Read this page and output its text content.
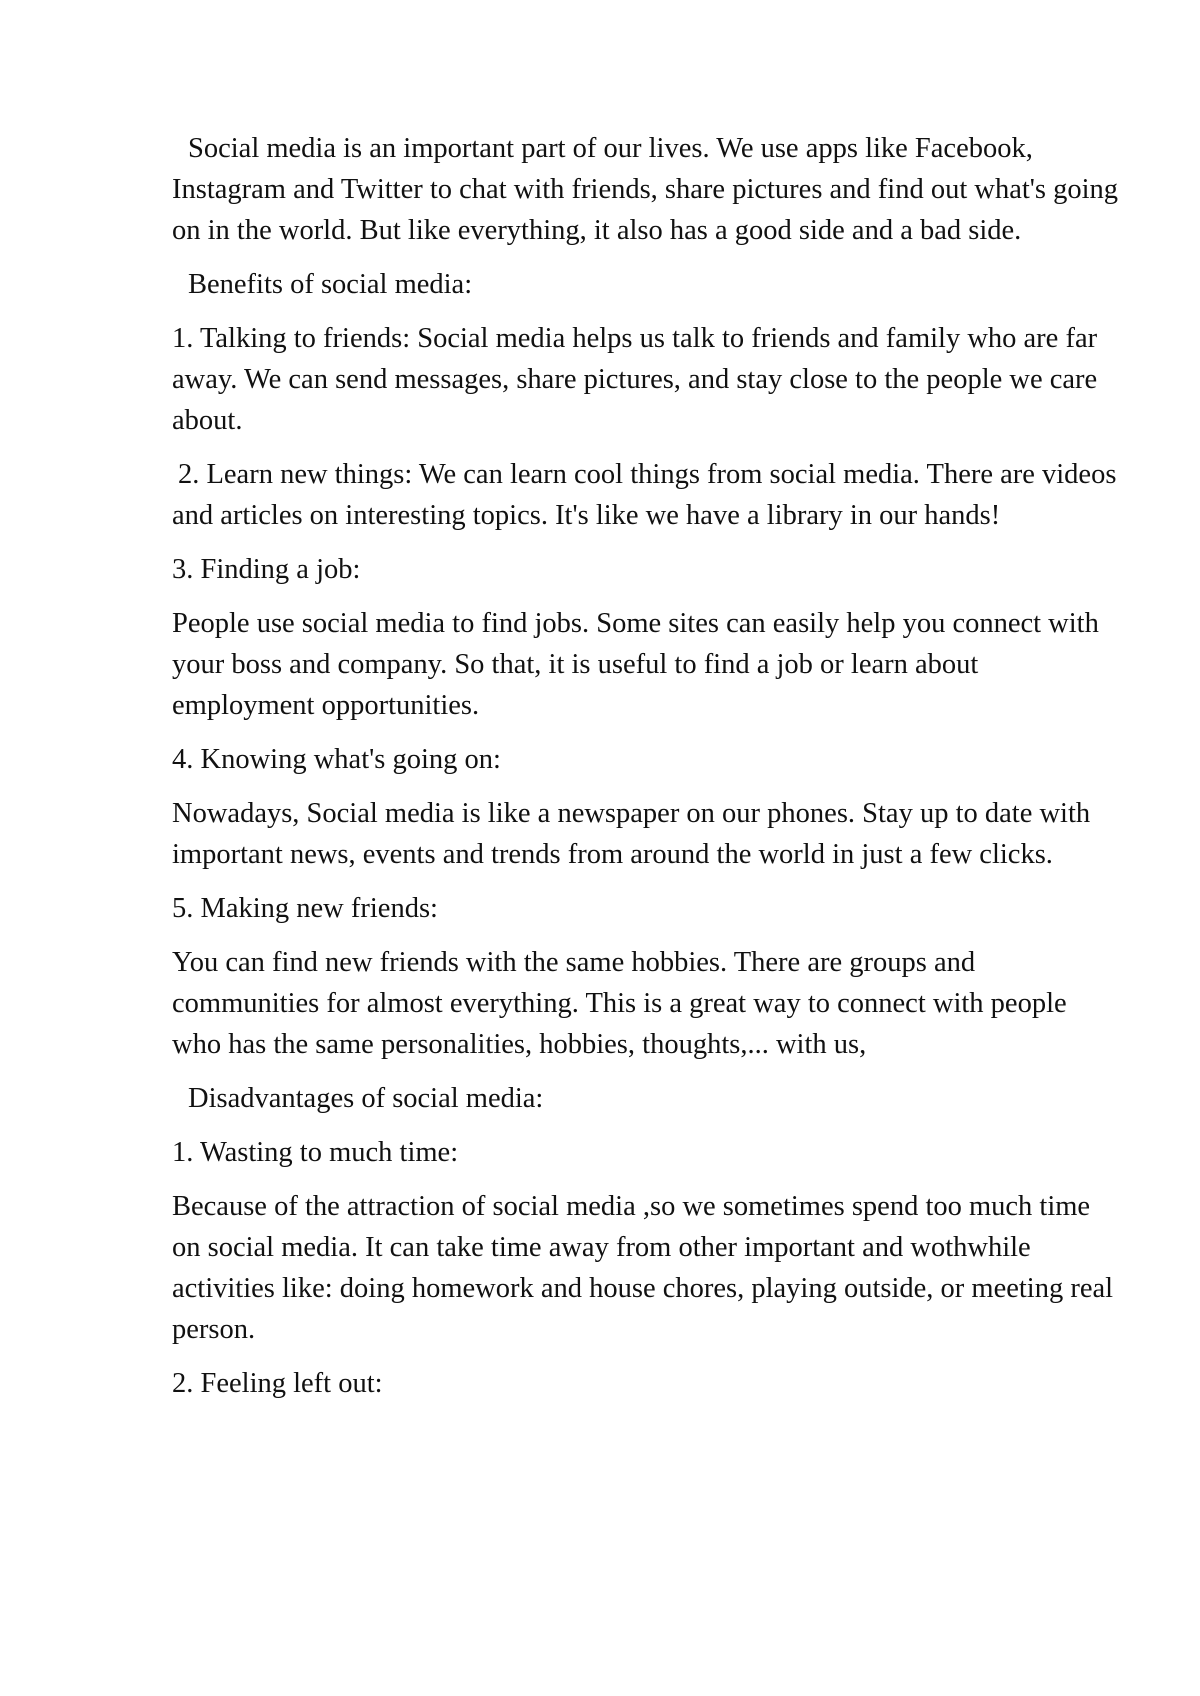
Social media is an important part of our lives. We use apps like Facebook, Instagram and Twitter to chat with friends, share pictures and find out what's going on in the world. But like everything, it also has a good side and a bad side.

Benefits of social media:

1. Talking to friends: Social media helps us talk to friends and family who are far away. We can send messages, share pictures, and stay close to the people we care about.

2. Learn new things: We can learn cool things from social media. There are videos and articles on interesting topics. It's like we have a library in our hands!

3. Finding a job:

People use social media to find jobs. Some sites can easily help you connect with your boss and company. So that, it is useful to find a job or learn about employment opportunities.

4. Knowing what's going on:

Nowadays, Social media is like a newspaper on our phones. Stay up to date with important news, events and trends from around the world in just a few clicks.

5. Making new friends:

You can find new friends with the same hobbies. There are groups and communities for almost everything. This is a great way to connect with people who has the same personalities, hobbies, thoughts,... with us,

Disadvantages of social media:

1. Wasting to much time:

Because of the attraction of social media ,so we sometimes spend too much time on social media. It can take time away from other important and wothwhile activities like: doing homework and house chores, playing outside, or meeting real person.

2. Feeling left out:
